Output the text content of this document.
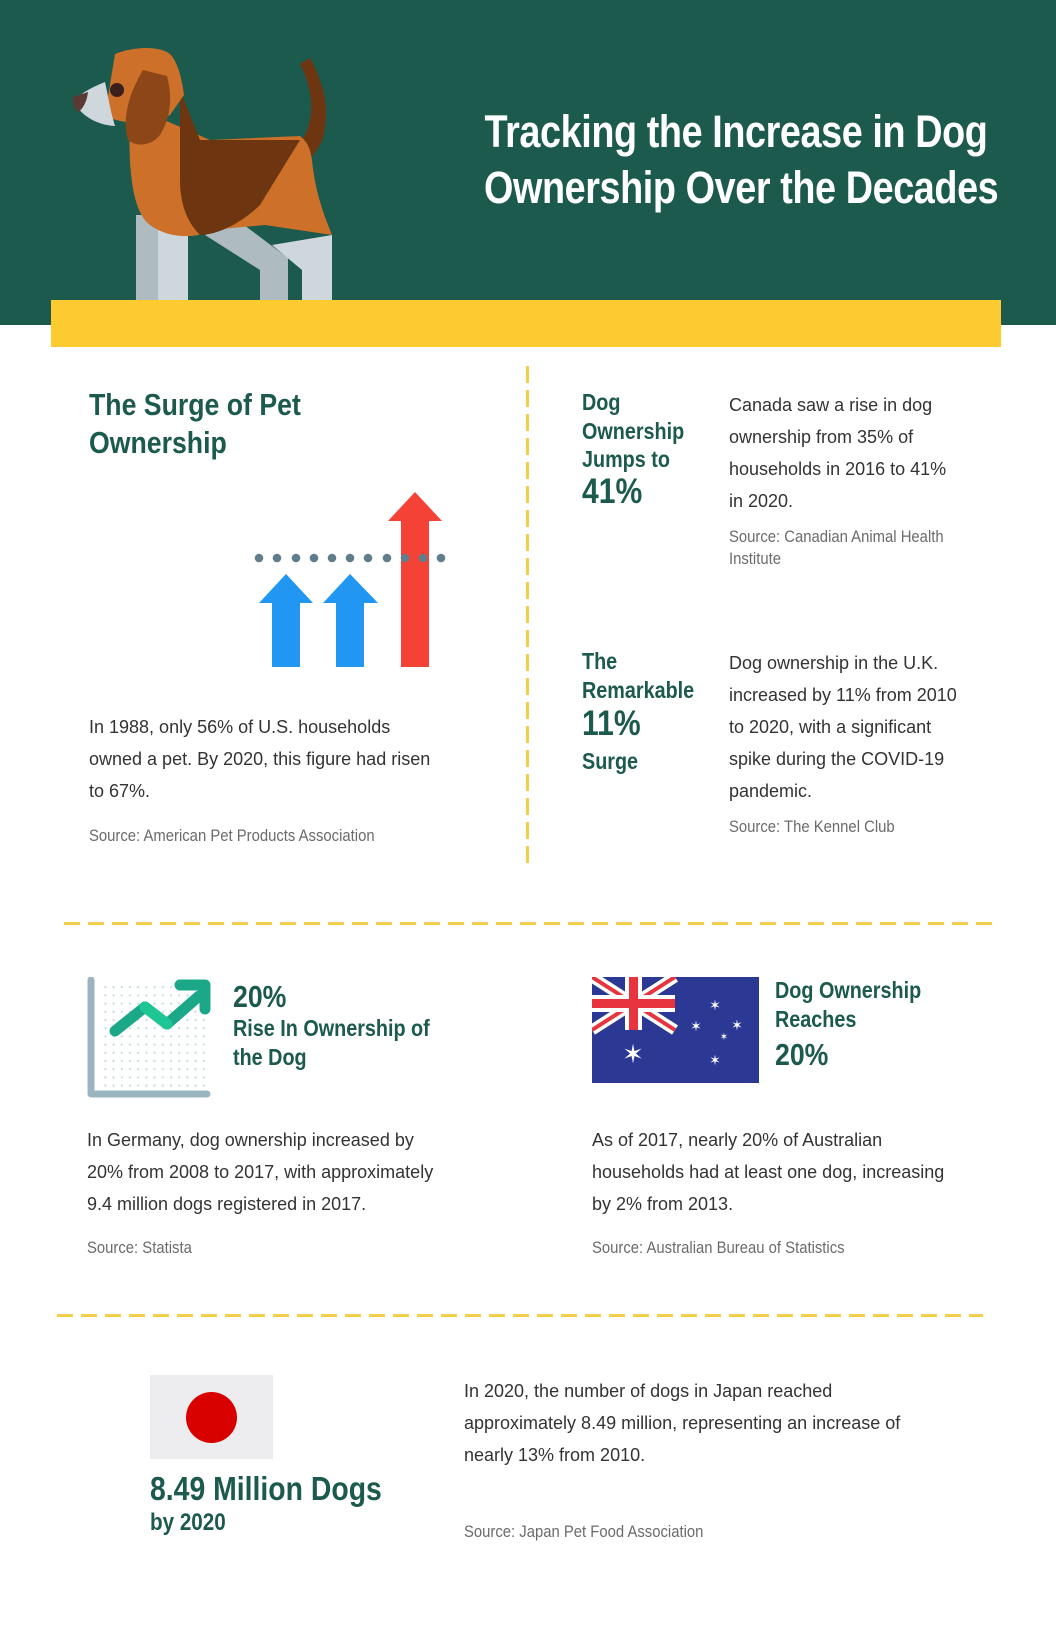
Tracking the Increase in Dog
Ownership Over the Decades
The Surge of Pet
Ownership
In 1988, only 56% of U.S. households
owned a pet. By 2020, this figure had risen
to 67%.
Source: American Pet Products Association
Dog
Ownership
Jumps to
41%
Canada saw a rise in dog
ownership from 35% of
households in 2016 to 41%
in 2020.
Source: Canadian Animal Health
Institute
The
Remarkable
11%
Surge
Dog ownership in the U.K.
increased by 11% from 2010
to 2020, with a significant
spike during the COVID-19
pandemic.
Source: The Kennel Club
20%
Rise In Ownership of
the Dog
In Germany, dog ownership increased by
20% from 2008 to 2017, with approximately
9.4 million dogs registered in 2017.
Source: Statista
✶
✶
✶ ✶
✶
✶
Dog Ownership
Reaches
20%
As of 2017, nearly 20% of Australian
households had at least one dog, increasing
by 2% from 2013.
Source: Australian Bureau of Statistics
8.49 Million Dogs
by 2020
In 2020, the number of dogs in Japan reached
approximately 8.49 million, representing an increase of
nearly 13% from 2010.
Source: Japan Pet Food Association
